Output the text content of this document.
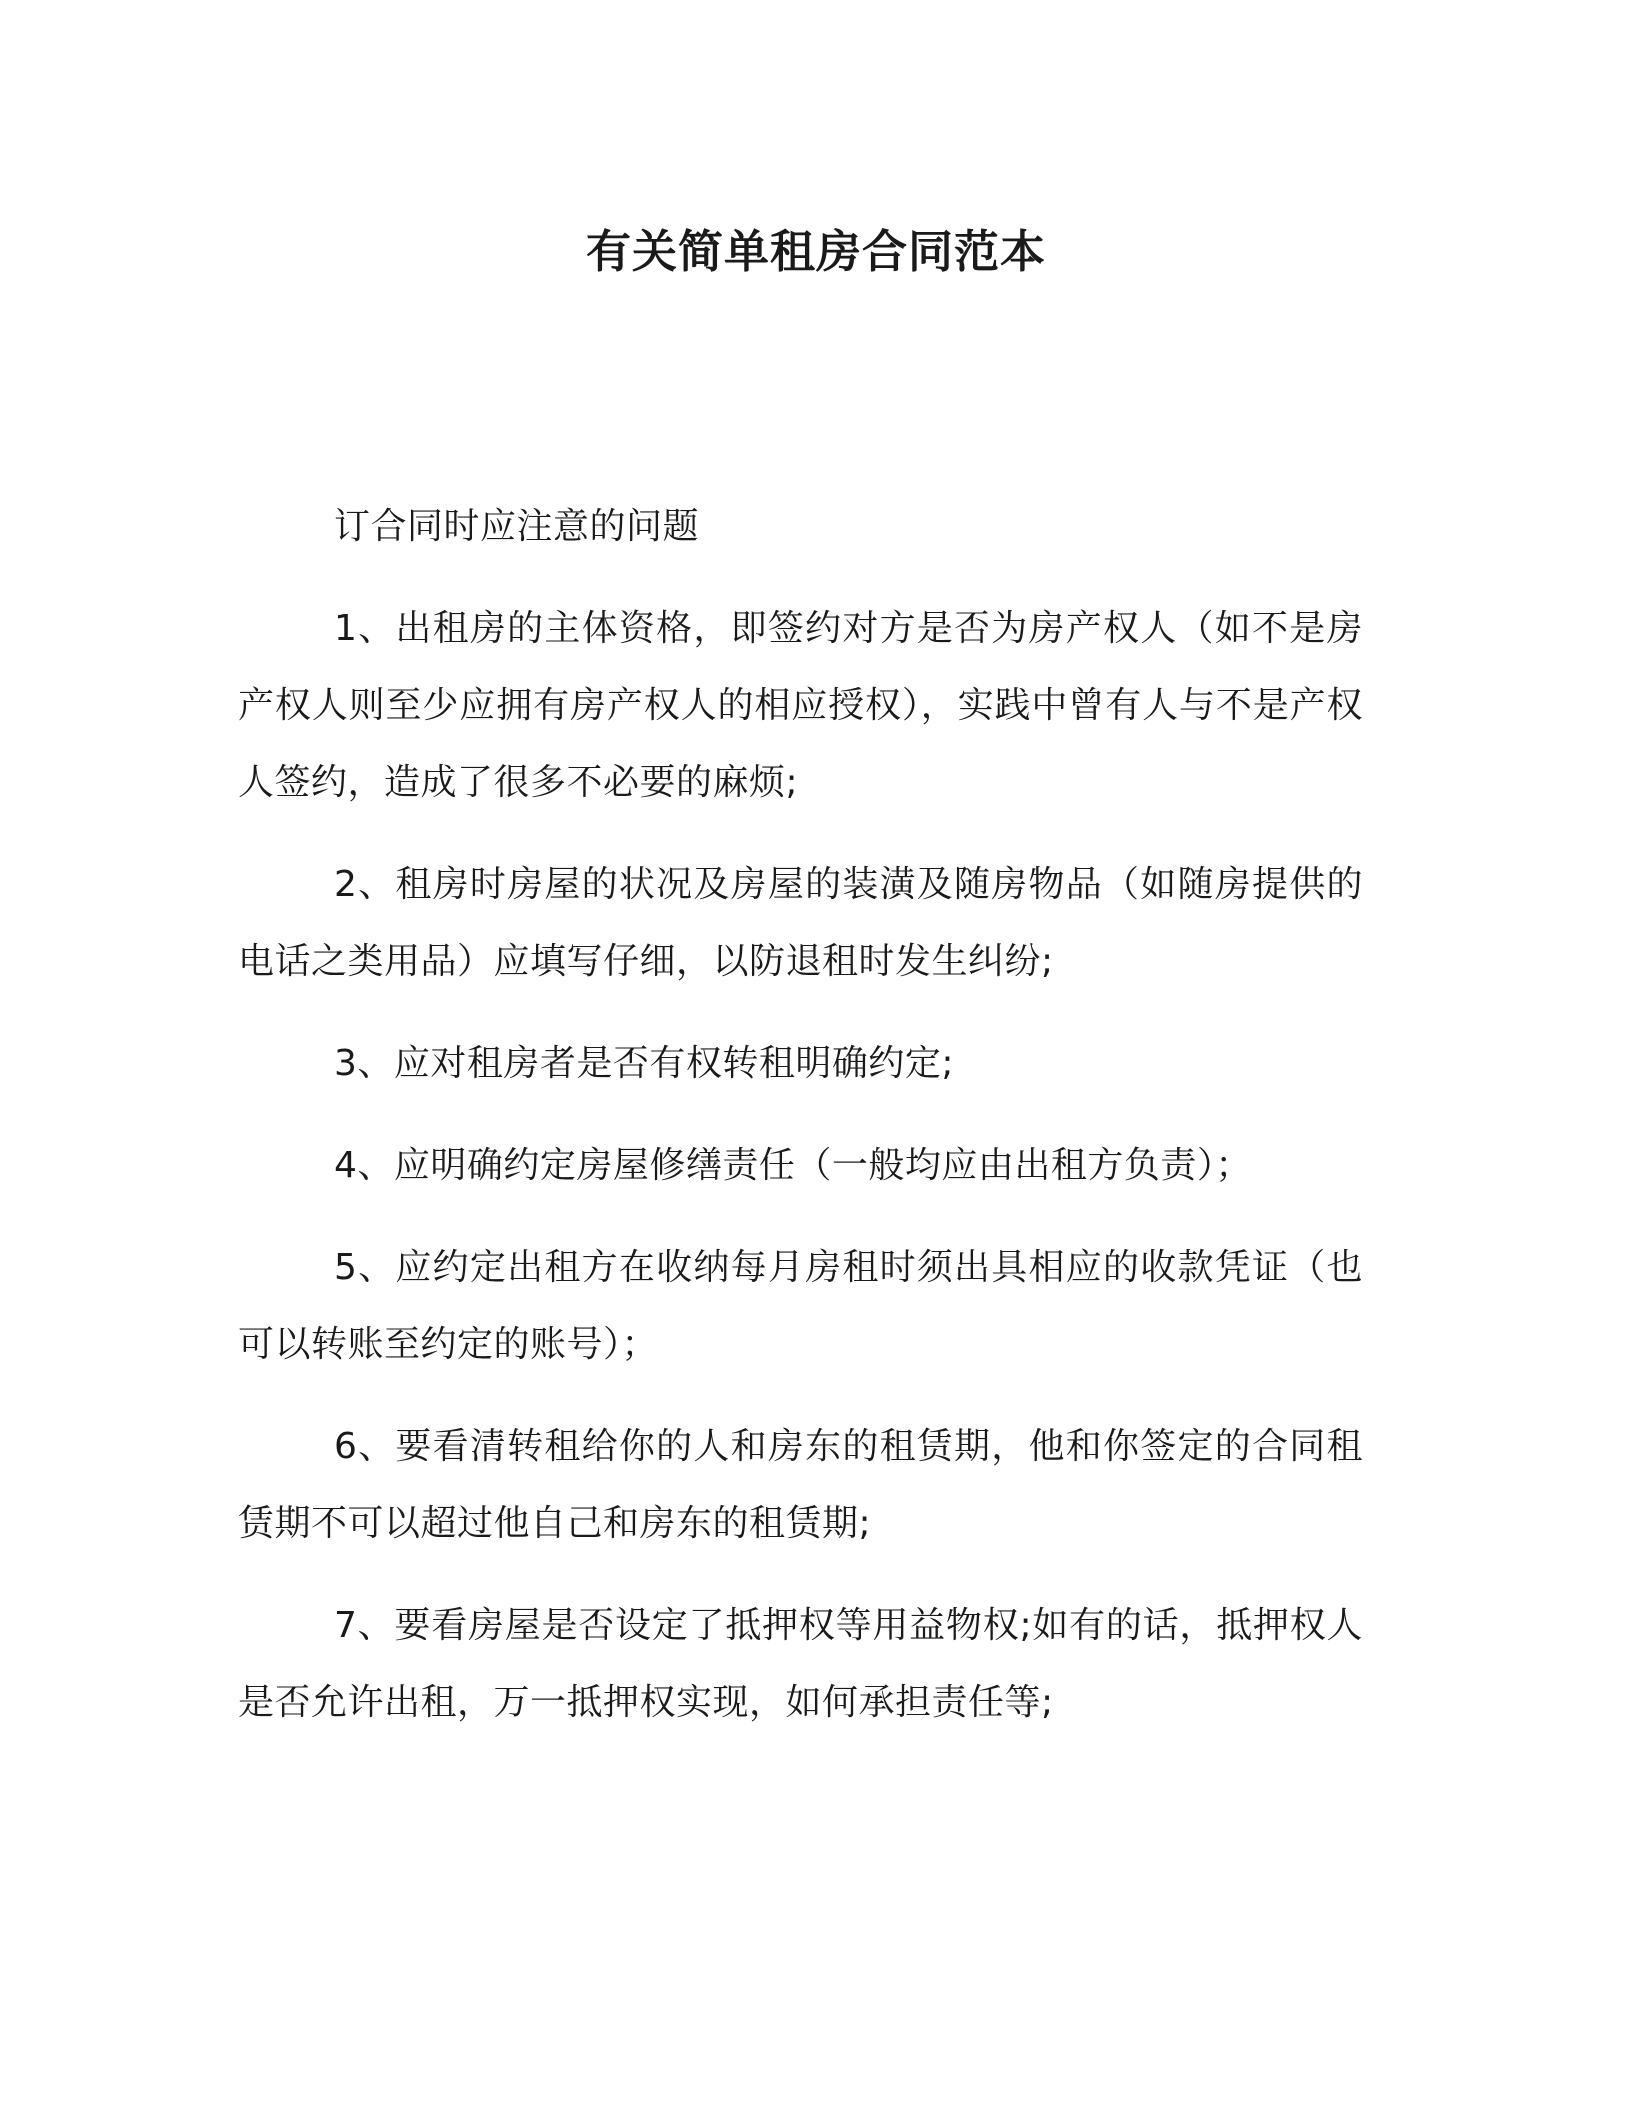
有关简单租房合同范本

订合同时应注意的问题

1、出租房的主体资格，即签约对方是否为房产权人（如不是房产权人则至少应拥有房产权人的相应授权），实践中曾有人与不是产权人签约，造成了很多不必要的麻烦;

2、租房时房屋的状况及房屋的装潢及随房物品（如随房提供的电话之类用品）应填写仔细，以防退租时发生纠纷;

3、应对租房者是否有权转租明确约定;

4、应明确约定房屋修缮责任（一般均应由出租方负责）；

5、应约定出租方在收纳每月房租时须出具相应的收款凭证（也可以转账至约定的账号）；

6、要看清转租给你的人和房东的租赁期，他和你签定的合同租赁期不可以超过他自己和房东的租赁期;

7、要看房屋是否设定了抵押权等用益物权;如有的话，抵押权人是否允许出租，万一抵押权实现，如何承担责任等;
